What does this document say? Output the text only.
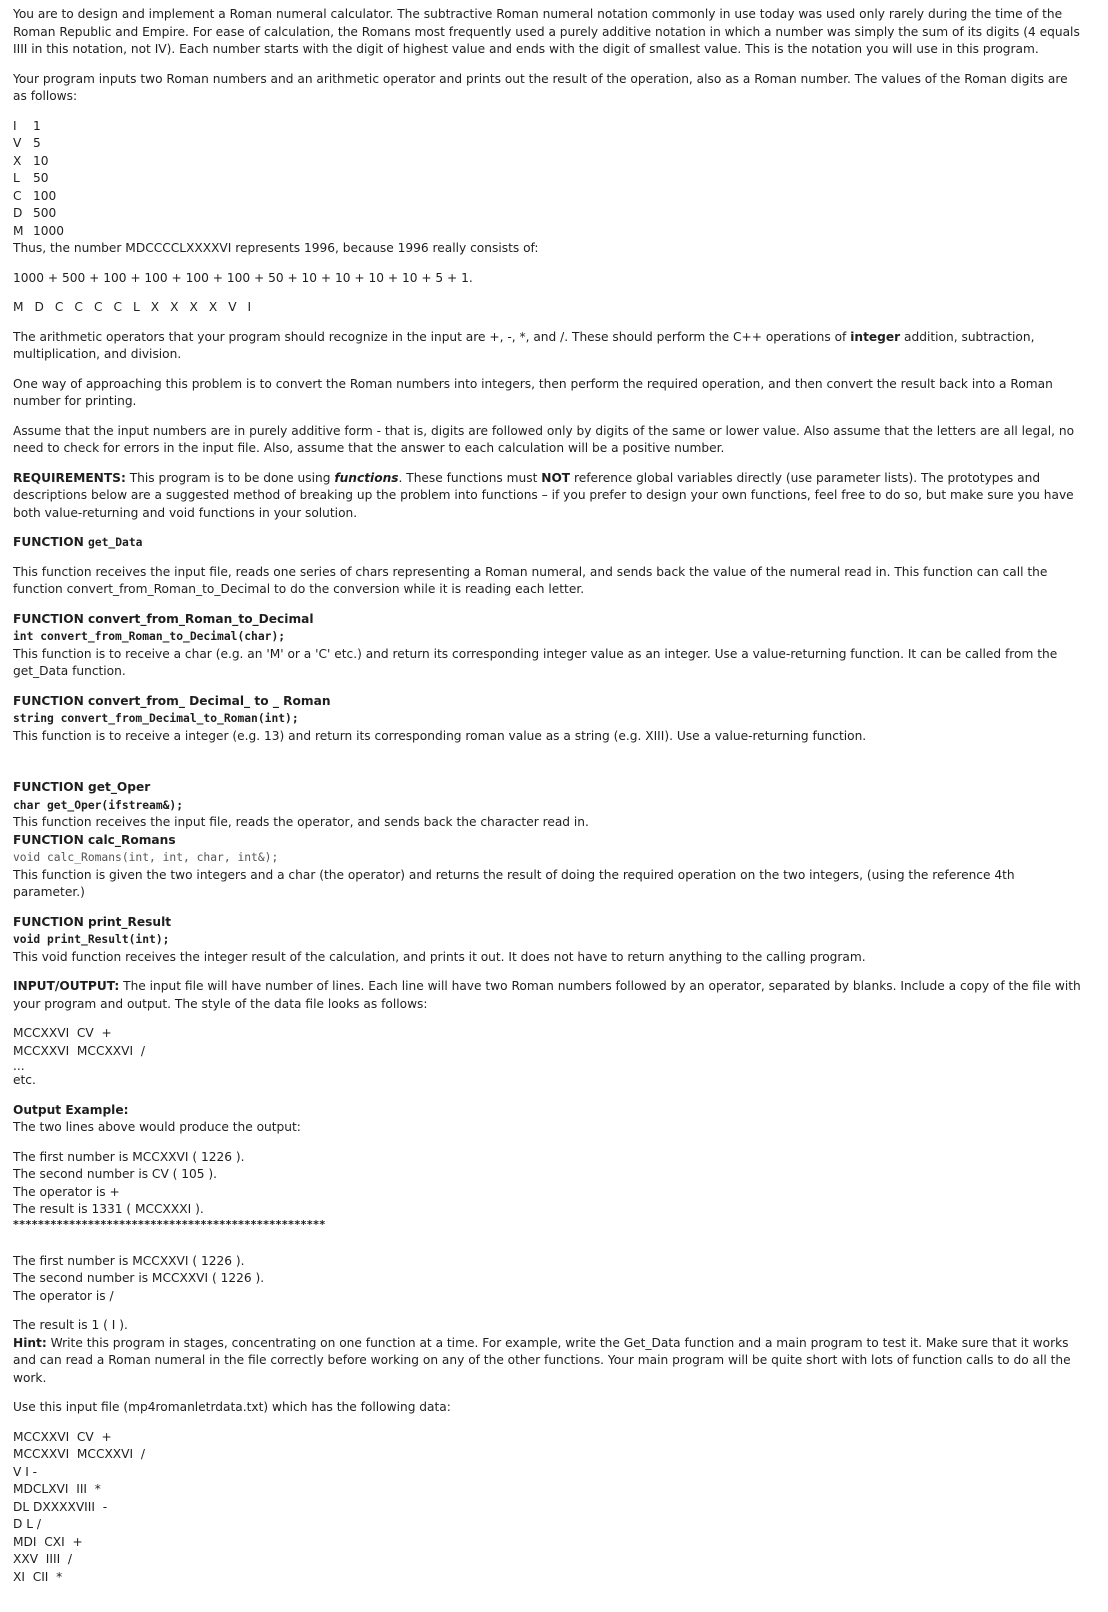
You are to design and implement a Roman numeral calculator. The subtractive Roman numeral notation commonly in use today was used only rarely during the time of the Roman Republic and Empire. For ease of calculation, the Romans most frequently used a purely additive notation in which a number was simply the sum of its digits (4 equals IIII in this notation, not IV). Each number starts with the digit of highest value and ends with the digit of smallest value. This is the notation you will use in this program.

Your program inputs two Roman numbers and an arithmetic operator and prints out the result of the operation, also as a Roman number. The values of the Roman digits are as follows:

I	1
V 5
X 10
L	50
C 100
D 500
M 1000

Thus, the number MDCCCCLXXXXVI represents 1996, because 1996 really consists of:

1000 + 500 + 100 + 100 + 100 + 100 + 50 + 10 + 10 + 10 + 10 + 5 + 1.

M D C C C C L X X X X V I

The arithmetic operators that your program should recognize in the input are +, -, *, and /. These should perform the C++ operations of integer addition, subtraction, multiplication, and division.

One way of approaching this problem is to convert the Roman numbers into integers, then perform the required operation, and then convert the result back into a Roman number for printing.

Assume that the input numbers are in purely additive form - that is, digits are followed only by digits of the same or lower value. Also assume that the letters are all legal, no need to check for errors in the input file. Also, assume that the answer to each calculation will be a positive number.

REQUIREMENTS: This program is to be done using functions. These functions must NOT reference global variables directly (use parameter lists). The prototypes and descriptions below are a suggested method of breaking up the problem into functions – if you prefer to design your own functions, feel free to do so, but make sure you have both value-returning and void functions in your solution.

FUNCTION get_Data

This function receives the input file, reads one series of chars representing a Roman numeral, and sends back the value of the numeral read in. This function can call the function convert_from_Roman_to_Decimal to do the conversion while it is reading each letter.

FUNCTION convert_from_Roman_to_Decimal

int convert_from_Roman_to_Decimal(char);

This function is to receive a char (e.g. an 'M' or a 'C' etc.) and return its corresponding integer value as an integer. Use a value-returning function. It can be called from the get_Data function.

FUNCTION convert_from_ Decimal_ to _ Roman

string convert_from_Decimal_to_Roman(int);

This function is to receive a integer (e.g. 13) and return its corresponding roman value as a string (e.g. XIII). Use a value-returning function.

FUNCTION get_Oper

char get_Oper(ifstream&);

This function receives the input file, reads the operator, and sends back the character read in.

FUNCTION calc_Romans

void calc_Romans(int, int, char, int&);

This function is given the two integers and a char (the operator) and returns the result of doing the required operation on the two integers, (using the reference 4th parameter.)

FUNCTION print_Result

void print_Result(int);

This void function receives the integer result of the calculation, and prints it out. It does not have to return anything to the calling program.

INPUT/OUTPUT: The input file will have number of lines. Each line will have two Roman numbers followed by an operator, separated by blanks. Include a copy of the file with your program and output. The style of the data file looks as follows:

MCCXXVI  CV  +

MCCXXVI  MCCXXVI  /

...

etc.

Output Example:

The two lines above would produce the output:

The first number is MCCXXVI ( 1226 ).

The second number is CV ( 105 ).

The operator is +

The result is 1331 ( MCCXXXI ).

**************************************************

The first number is MCCXXVI ( 1226 ).

The second number is MCCXXVI ( 1226 ).

The operator is /

The result is 1 ( I ).

Hint: Write this program in stages, concentrating on one function at a time. For example, write the Get_Data function and a main program to test it. Make sure that it works and can read a Roman numeral in the file correctly before working on any of the other functions. Your main program will be quite short with lots of function calls to do all the work.

Use this input file (mp4romanletrdata.txt) which has the following data:

MCCXXVI  CV  +

MCCXXVI  MCCXXVI  /

V I -

MDCLXVI  III  *

DL DXXXXVIII  -

D L /

MDI  CXI  +

XXV  IIII  /

XI  CII  *
